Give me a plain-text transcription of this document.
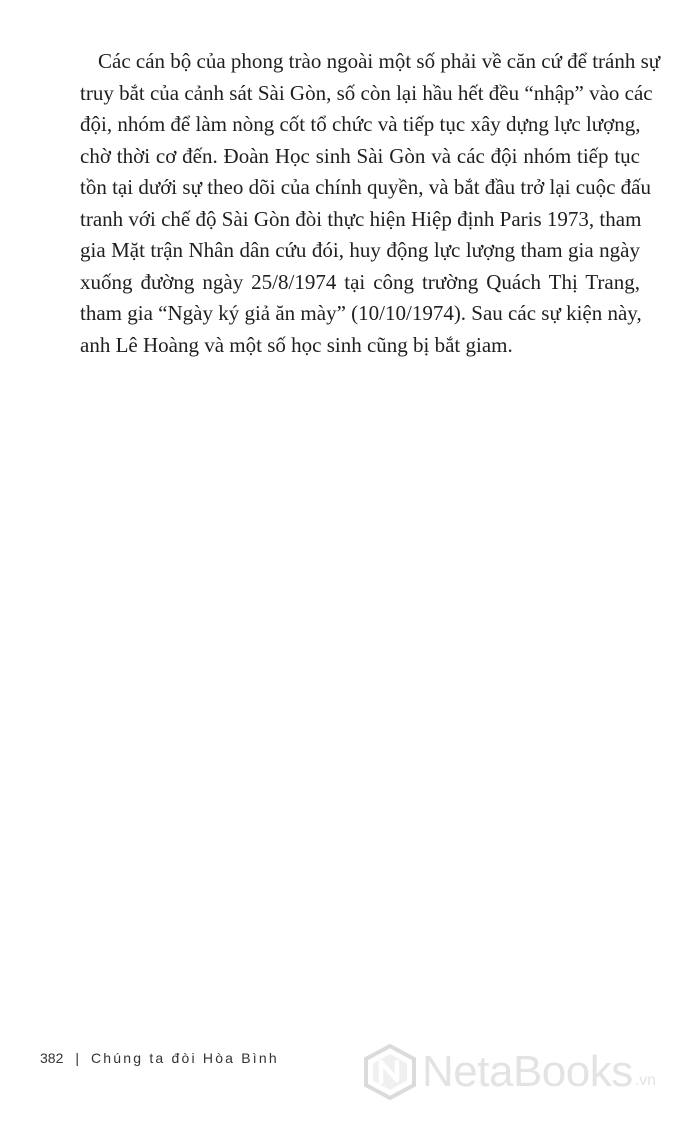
Các cán bộ của phong trào ngoài một số phải về căn cứ để tránh sự
truy bắt của cảnh sát Sài Gòn, số còn lại hầu hết đều “nhập” vào các
đội, nhóm để làm nòng cốt tổ chức và tiếp tục xây dựng lực lượng,
chờ thời cơ đến. Đoàn Học sinh Sài Gòn và các đội nhóm tiếp tục
tồn tại dưới sự theo dõi của chính quyền, và bắt đầu trở lại cuộc đấu
tranh với chế độ Sài Gòn đòi thực hiện Hiệp định Paris 1973, tham
gia Mặt trận Nhân dân cứu đói, huy động lực lượng tham gia ngày
xuống đường ngày 25/8/1974 tại công trường Quách Thị Trang,
tham gia “Ngày ký giả ăn mày” (10/10/1974). Sau các sự kiện này,
anh Lê Hoàng và một số học sinh cũng bị bắt giam.
382 | Chúng ta đòi Hòa Bình	NetaBooks .vn
